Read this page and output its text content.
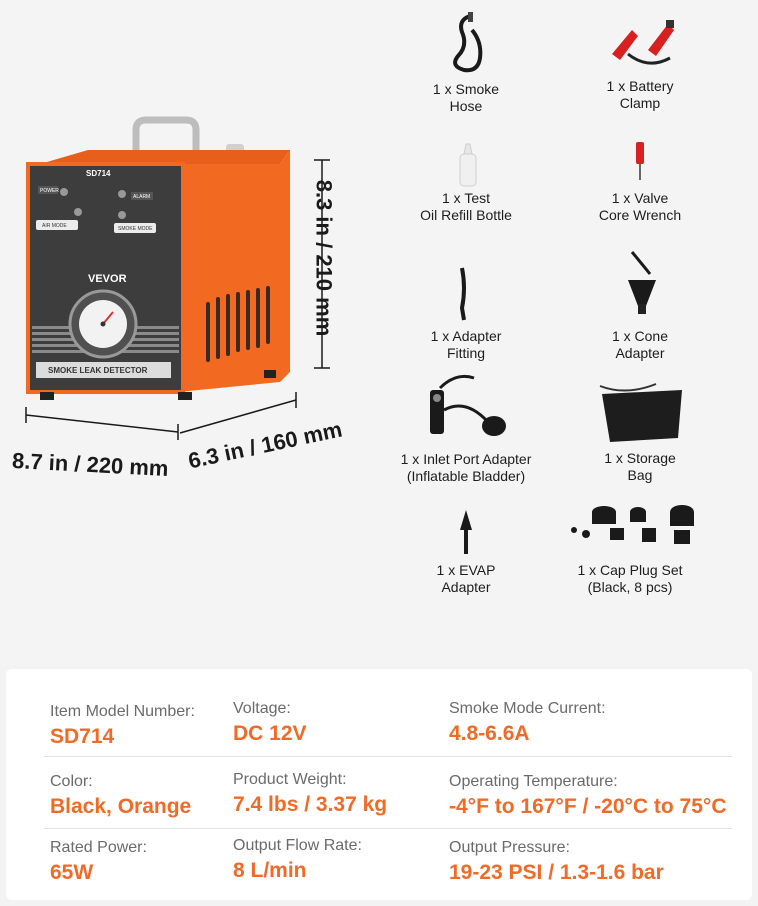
SD714
POWER
ALARM
AIR MODE	SMOKE MODE
VEVOR
SMOKE LEAK DETECTOR
8.7 in / 220 mm 6.3 in / 160 mm
8.3 in / 210 mm
1 x Smoke
Hose
1 x Battery
Clamp
1 x Test
Oil Refill Bottle
1 x Valve
Core Wrench
1 x Adapter
Fitting
1 x Cone
Adapter
1 x Inlet Port Adapter
(Inflatable Bladder)
1 x Storage
Bag
1 x EVAP
Adapter
1 x Cap Plug Set
(Black, 8 pcs)
Item Model Number:
SD714
Voltage:
DC 12V
Smoke Mode Current:
4.8-6.6A
Color:
Black, Orange
Product Weight:
7.4 lbs / 3.37 kg
Operating Temperature:
-4°F to 167°F / -20°C to 75°C
Rated Power:
65W
Output Flow Rate:
8 L/min
Output Pressure:
19-23 PSI / 1.3-1.6 bar
